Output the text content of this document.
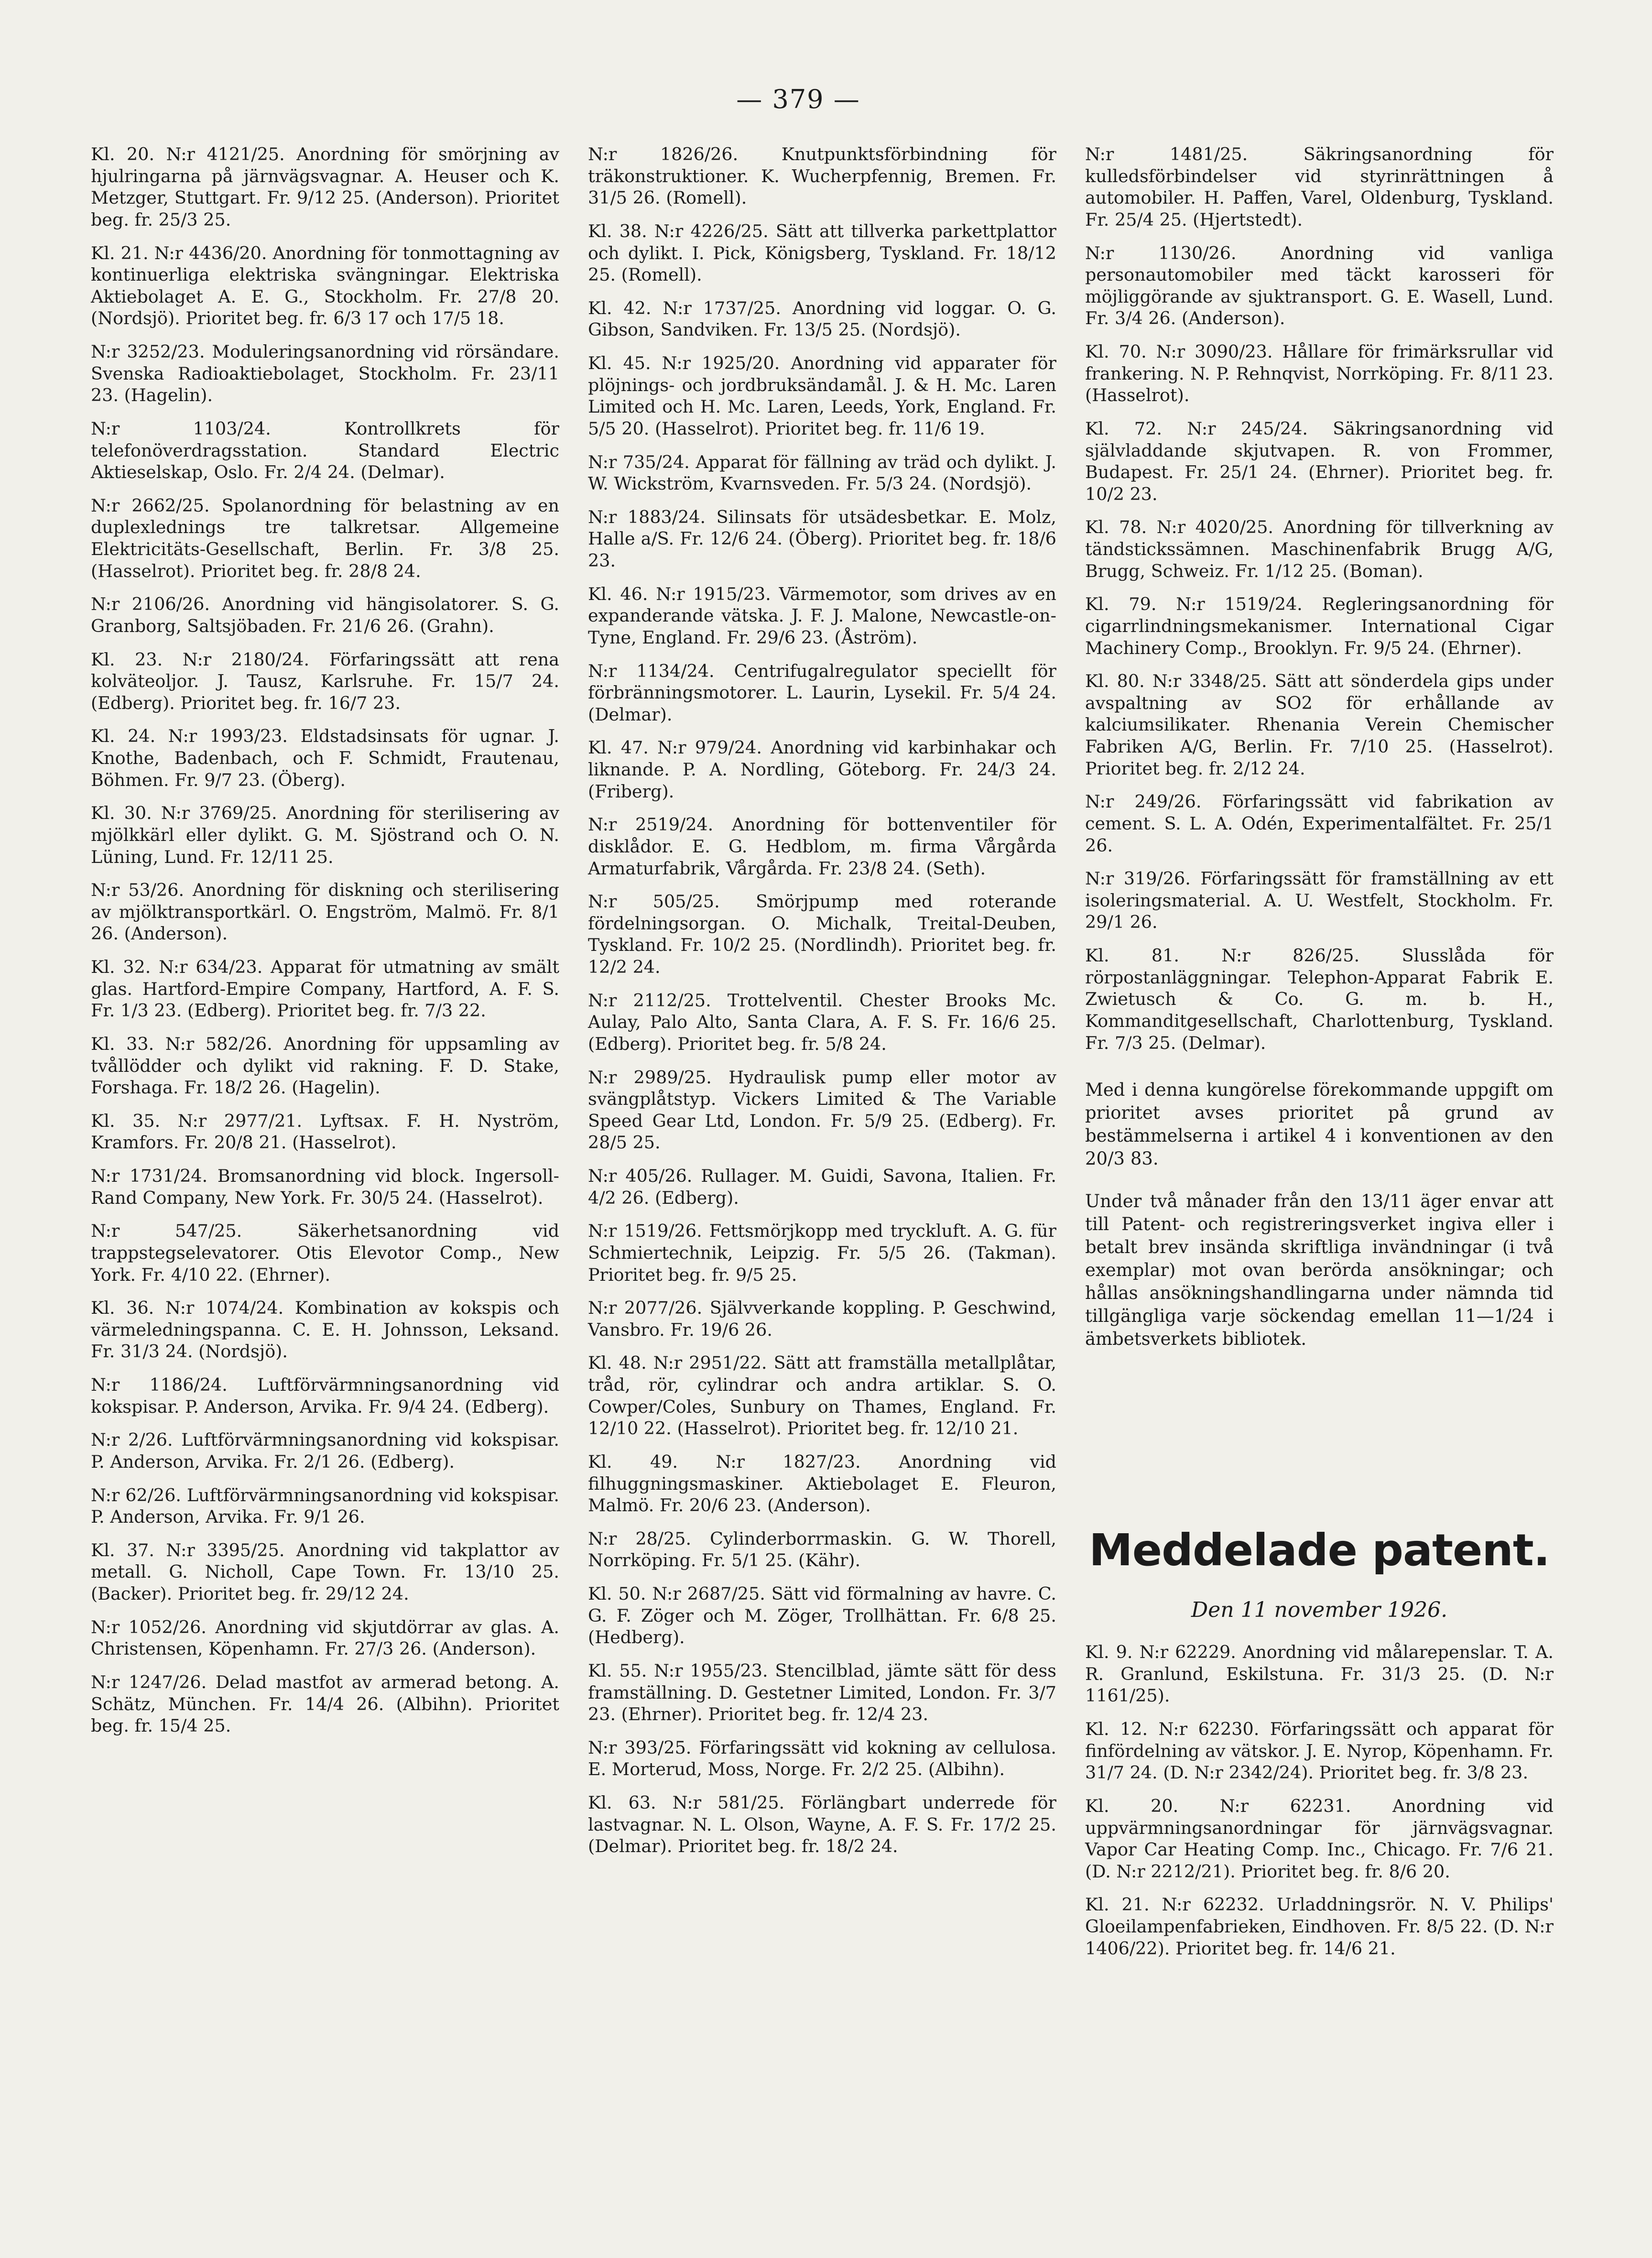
— 379 —

Kl. 20. N:r 4121/25. Anordning för smörjning av hjulringarna på järnvägsvagnar. A. Heuser och K. Metzger, Stuttgart. Fr. 9/12 25. (Anderson). Prioritet beg. fr. 25/3 25.

Kl. 21. N:r 4436/20. Anordning för tonmottagning av kontinuerliga elektriska svängningar. Elektriska Aktiebolaget A. E. G., Stockholm. Fr. 27/8 20. (Nordsjö). Prioritet beg. fr. 6/3 17 och 17/5 18.

N:r 3252/23. Moduleringsanordning vid rörsändare. Svenska Radioaktiebolaget, Stockholm. Fr. 23/11 23. (Hagelin).

N:r 1103/24. Kontrollkrets för telefonöverdragsstation. Standard Electric Aktieselskap, Oslo. Fr. 2/4 24. (Delmar).

N:r 2662/25. Spolanordning för belastning av en duplexlednings tre talkretsar. Allgemeine Elektricitäts-Gesellschaft, Berlin. Fr. 3/8 25. (Hasselrot). Prioritet beg. fr. 28/8 24.

N:r 2106/26. Anordning vid hängisolatorer. S. G. Granborg, Saltsjöbaden. Fr. 21/6 26. (Grahn).

Kl. 23. N:r 2180/24. Förfaringssätt att rena kolväteoljor. J. Tausz, Karlsruhe. Fr. 15/7 24. (Edberg). Prioritet beg. fr. 16/7 23.

Kl. 24. N:r 1993/23. Eldstadsinsats för ugnar. J. Knothe, Badenbach, och F. Schmidt, Frautenau, Böhmen. Fr. 9/7 23. (Öberg).

Kl. 30. N:r 3769/25. Anordning för sterilisering av mjölkkärl eller dylikt. G. M. Sjöstrand och O. N. Lüning, Lund. Fr. 12/11 25.

N:r 53/26. Anordning för diskning och sterilisering av mjölktransportkärl. O. Engström, Malmö. Fr. 8/1 26. (Anderson).

Kl. 32. N:r 634/23. Apparat för utmatning av smält glas. Hartford-Empire Company, Hartford, A. F. S. Fr. 1/3 23. (Edberg). Prioritet beg. fr. 7/3 22.

Kl. 33. N:r 582/26. Anordning för uppsamling av tvållödder och dylikt vid rakning. F. D. Stake, Forshaga. Fr. 18/2 26. (Hagelin).

Kl. 35. N:r 2977/21. Lyftsax. F. H. Nyström, Kramfors. Fr. 20/8 21. (Hasselrot).

N:r 1731/24. Bromsanordning vid block. Ingersoll-Rand Company, New York. Fr. 30/5 24. (Hasselrot).

N:r 547/25. Säkerhetsanordning vid trappstegselevatorer. Otis Elevotor Comp., New York. Fr. 4/10 22. (Ehrner).

Kl. 36. N:r 1074/24. Kombination av kokspis och värmeledningspanna. C. E. H. Johnsson, Leksand. Fr. 31/3 24. (Nordsjö).

N:r 1186/24. Luftförvärmningsanordning vid kokspisar. P. Anderson, Arvika. Fr. 9/4 24. (Edberg).

N:r 2/26. Luftförvärmningsanordning vid kokspisar. P. Anderson, Arvika. Fr. 2/1 26. (Edberg).

N:r 62/26. Luftförvärmningsanordning vid kokspisar. P. Anderson, Arvika. Fr. 9/1 26.

Kl. 37. N:r 3395/25. Anordning vid takplattor av metall. G. Nicholl, Cape Town. Fr. 13/10 25. (Backer). Prioritet beg. fr. 29/12 24.

N:r 1052/26. Anordning vid skjutdörrar av glas. A. Christensen, Köpenhamn. Fr. 27/3 26. (Anderson).

N:r 1247/26. Delad mastfot av armerad betong. A. Schätz, München. Fr. 14/4 26. (Albihn). Prioritet beg. fr. 15/4 25.

N:r 1826/26. Knutpunktsförbindning för träkonstruktioner. K. Wucherpfennig, Bremen. Fr. 31/5 26. (Romell).

Kl. 38. N:r 4226/25. Sätt att tillverka parkettplattor och dylikt. I. Pick, Königsberg, Tyskland. Fr. 18/12 25. (Romell).

Kl. 42. N:r 1737/25. Anordning vid loggar. O. G. Gibson, Sandviken. Fr. 13/5 25. (Nordsjö).

Kl. 45. N:r 1925/20. Anordning vid apparater för plöjnings- och jordbruksändamål. J. & H. Mc. Laren Limited och H. Mc. Laren, Leeds, York, England. Fr. 5/5 20. (Hasselrot). Prioritet beg. fr. 11/6 19.

N:r 735/24. Apparat för fällning av träd och dylikt. J. W. Wickström, Kvarnsveden. Fr. 5/3 24. (Nordsjö).

N:r 1883/24. Silinsats för utsädesbetkar. E. Molz, Halle a/S. Fr. 12/6 24. (Öberg). Prioritet beg. fr. 18/6 23.

Kl. 46. N:r 1915/23. Värmemotor, som drives av en expanderande vätska. J. F. J. Malone, Newcastle-on-Tyne, England. Fr. 29/6 23. (Åström).

N:r 1134/24. Centrifugalregulator speciellt för förbränningsmotorer. L. Laurin, Lysekil. Fr. 5/4 24. (Delmar).

Kl. 47. N:r 979/24. Anordning vid karbinhakar och liknande. P. A. Nordling, Göteborg. Fr. 24/3 24. (Friberg).

N:r 2519/24. Anordning för bottenventiler för disklådor. E. G. Hedblom, m. firma Vårgårda Armaturfabrik, Vårgårda. Fr. 23/8 24. (Seth).

N:r 505/25. Smörjpump med roterande fördelningsorgan. O. Michalk, Treital-Deuben, Tyskland. Fr. 10/2 25. (Nordlindh). Prioritet beg. fr. 12/2 24.

N:r 2112/25. Trottelventil. Chester Brooks Mc. Aulay, Palo Alto, Santa Clara, A. F. S. Fr. 16/6 25. (Edberg). Prioritet beg. fr. 5/8 24.

N:r 2989/25. Hydraulisk pump eller motor av svängplåtstyp. Vickers Limited & The Variable Speed Gear Ltd, London. Fr. 5/9 25. (Edberg). Fr. 28/5 25.

N:r 405/26. Rullager. M. Guidi, Savona, Italien. Fr. 4/2 26. (Edberg).

N:r 1519/26. Fettsmörjkopp med tryckluft. A. G. für Schmiertechnik, Leipzig. Fr. 5/5 26. (Takman). Prioritet beg. fr. 9/5 25.

N:r 2077/26. Självverkande koppling. P. Geschwind, Vansbro. Fr. 19/6 26.

Kl. 48. N:r 2951/22. Sätt att framställa metallplåtar, tråd, rör, cylindrar och andra artiklar. S. O. Cowper/Coles, Sunbury on Thames, England. Fr. 12/10 22. (Hasselrot). Prioritet beg. fr. 12/10 21.

Kl. 49. N:r 1827/23. Anordning vid filhuggningsmaskiner. Aktiebolaget E. Fleuron, Malmö. Fr. 20/6 23. (Anderson).

N:r 28/25. Cylinderborrmaskin. G. W. Thorell, Norrköping. Fr. 5/1 25. (Kähr).

Kl. 50. N:r 2687/25. Sätt vid förmalning av havre. C. G. F. Zöger och M. Zöger, Trollhättan. Fr. 6/8 25. (Hedberg).

Kl. 55. N:r 1955/23. Stencilblad, jämte sätt för dess framställning. D. Gestetner Limited, London. Fr. 3/7 23. (Ehrner). Prioritet beg. fr. 12/4 23.

N:r 393/25. Förfaringssätt vid kokning av cellulosa. E. Morterud, Moss, Norge. Fr. 2/2 25. (Albihn).

Kl. 63. N:r 581/25. Förlängbart underrede för lastvagnar. N. L. Olson, Wayne, A. F. S. Fr. 17/2 25. (Delmar). Prioritet beg. fr. 18/2 24.

N:r 1481/25. Säkringsanordning för kulledsförbindelser vid styrinrättningen å automobiler. H. Paffen, Varel, Oldenburg, Tyskland. Fr. 25/4 25. (Hjertstedt).

N:r 1130/26. Anordning vid vanliga personautomobiler med täckt karosseri för möjliggörande av sjuktransport. G. E. Wasell, Lund. Fr. 3/4 26. (Anderson).

Kl. 70. N:r 3090/23. Hållare för frimärksrullar vid frankering. N. P. Rehnqvist, Norrköping. Fr. 8/11 23. (Hasselrot).

Kl. 72. N:r 245/24. Säkringsanordning vid självladdande skjutvapen. R. von Frommer, Budapest. Fr. 25/1 24. (Ehrner). Prioritet beg. fr. 10/2 23.

Kl. 78. N:r 4020/25. Anordning för tillverkning av tändstickssämnen. Maschinenfabrik Brugg A/G, Brugg, Schweiz. Fr. 1/12 25. (Boman).

Kl. 79. N:r 1519/24. Regleringsanordning för cigarrlindningsmekanismer. International Cigar Machinery Comp., Brooklyn. Fr. 9/5 24. (Ehrner).

Kl. 80. N:r 3348/25. Sätt att sönderdela gips under avspaltning av SO2 för erhållande av kalciumsilikater. Rhenania Verein Chemischer Fabriken A/G, Berlin. Fr. 7/10 25. (Hasselrot). Prioritet beg. fr. 2/12 24.

N:r 249/26. Förfaringssätt vid fabrikation av cement. S. L. A. Odén, Experimentalfältet. Fr. 25/1 26.

N:r 319/26. Förfaringssätt för framställning av ett isoleringsmaterial. A. U. Westfelt, Stockholm. Fr. 29/1 26.

Kl. 81. N:r 826/25. Slusslåda för rörpostanläggningar. Telephon-Apparat Fabrik E. Zwietusch & Co. G. m. b. H., Kommanditgesellschaft, Charlottenburg, Tyskland. Fr. 7/3 25. (Delmar).

Med i denna kungörelse förekommande uppgift om prioritet avses prioritet på grund av bestämmelserna i artikel 4 i konventionen av den 20/3 83.

Under två månader från den 13/11 äger envar att till Patent- och registreringsverket ingiva eller i betalt brev insända skriftliga invändningar (i två exemplar) mot ovan berörda ansökningar; och hållas ansökningshandlingarna under nämnda tid tillgängliga varje söckendag emellan 11—1/24 i ämbetsverkets bibliotek.

Meddelade patent.
Den 11 november 1926.

Kl. 9. N:r 62229. Anordning vid målarepenslar. T. A. R. Granlund, Eskilstuna. Fr. 31/3 25. (D. N:r 1161/25).

Kl. 12. N:r 62230. Förfaringssätt och apparat för finfördelning av vätskor. J. E. Nyrop, Köpenhamn. Fr. 31/7 24. (D. N:r 2342/24). Prioritet beg. fr. 3/8 23.

Kl. 20. N:r 62231. Anordning vid uppvärmningsanordningar för järnvägsvagnar. Vapor Car Heating Comp. Inc., Chicago. Fr. 7/6 21. (D. N:r 2212/21). Prioritet beg. fr. 8/6 20.

Kl. 21. N:r 62232. Urladdningsrör. N. V. Philips' Gloeilampenfabrieken, Eindhoven. Fr. 8/5 22. (D. N:r 1406/22). Prioritet beg. fr. 14/6 21.
